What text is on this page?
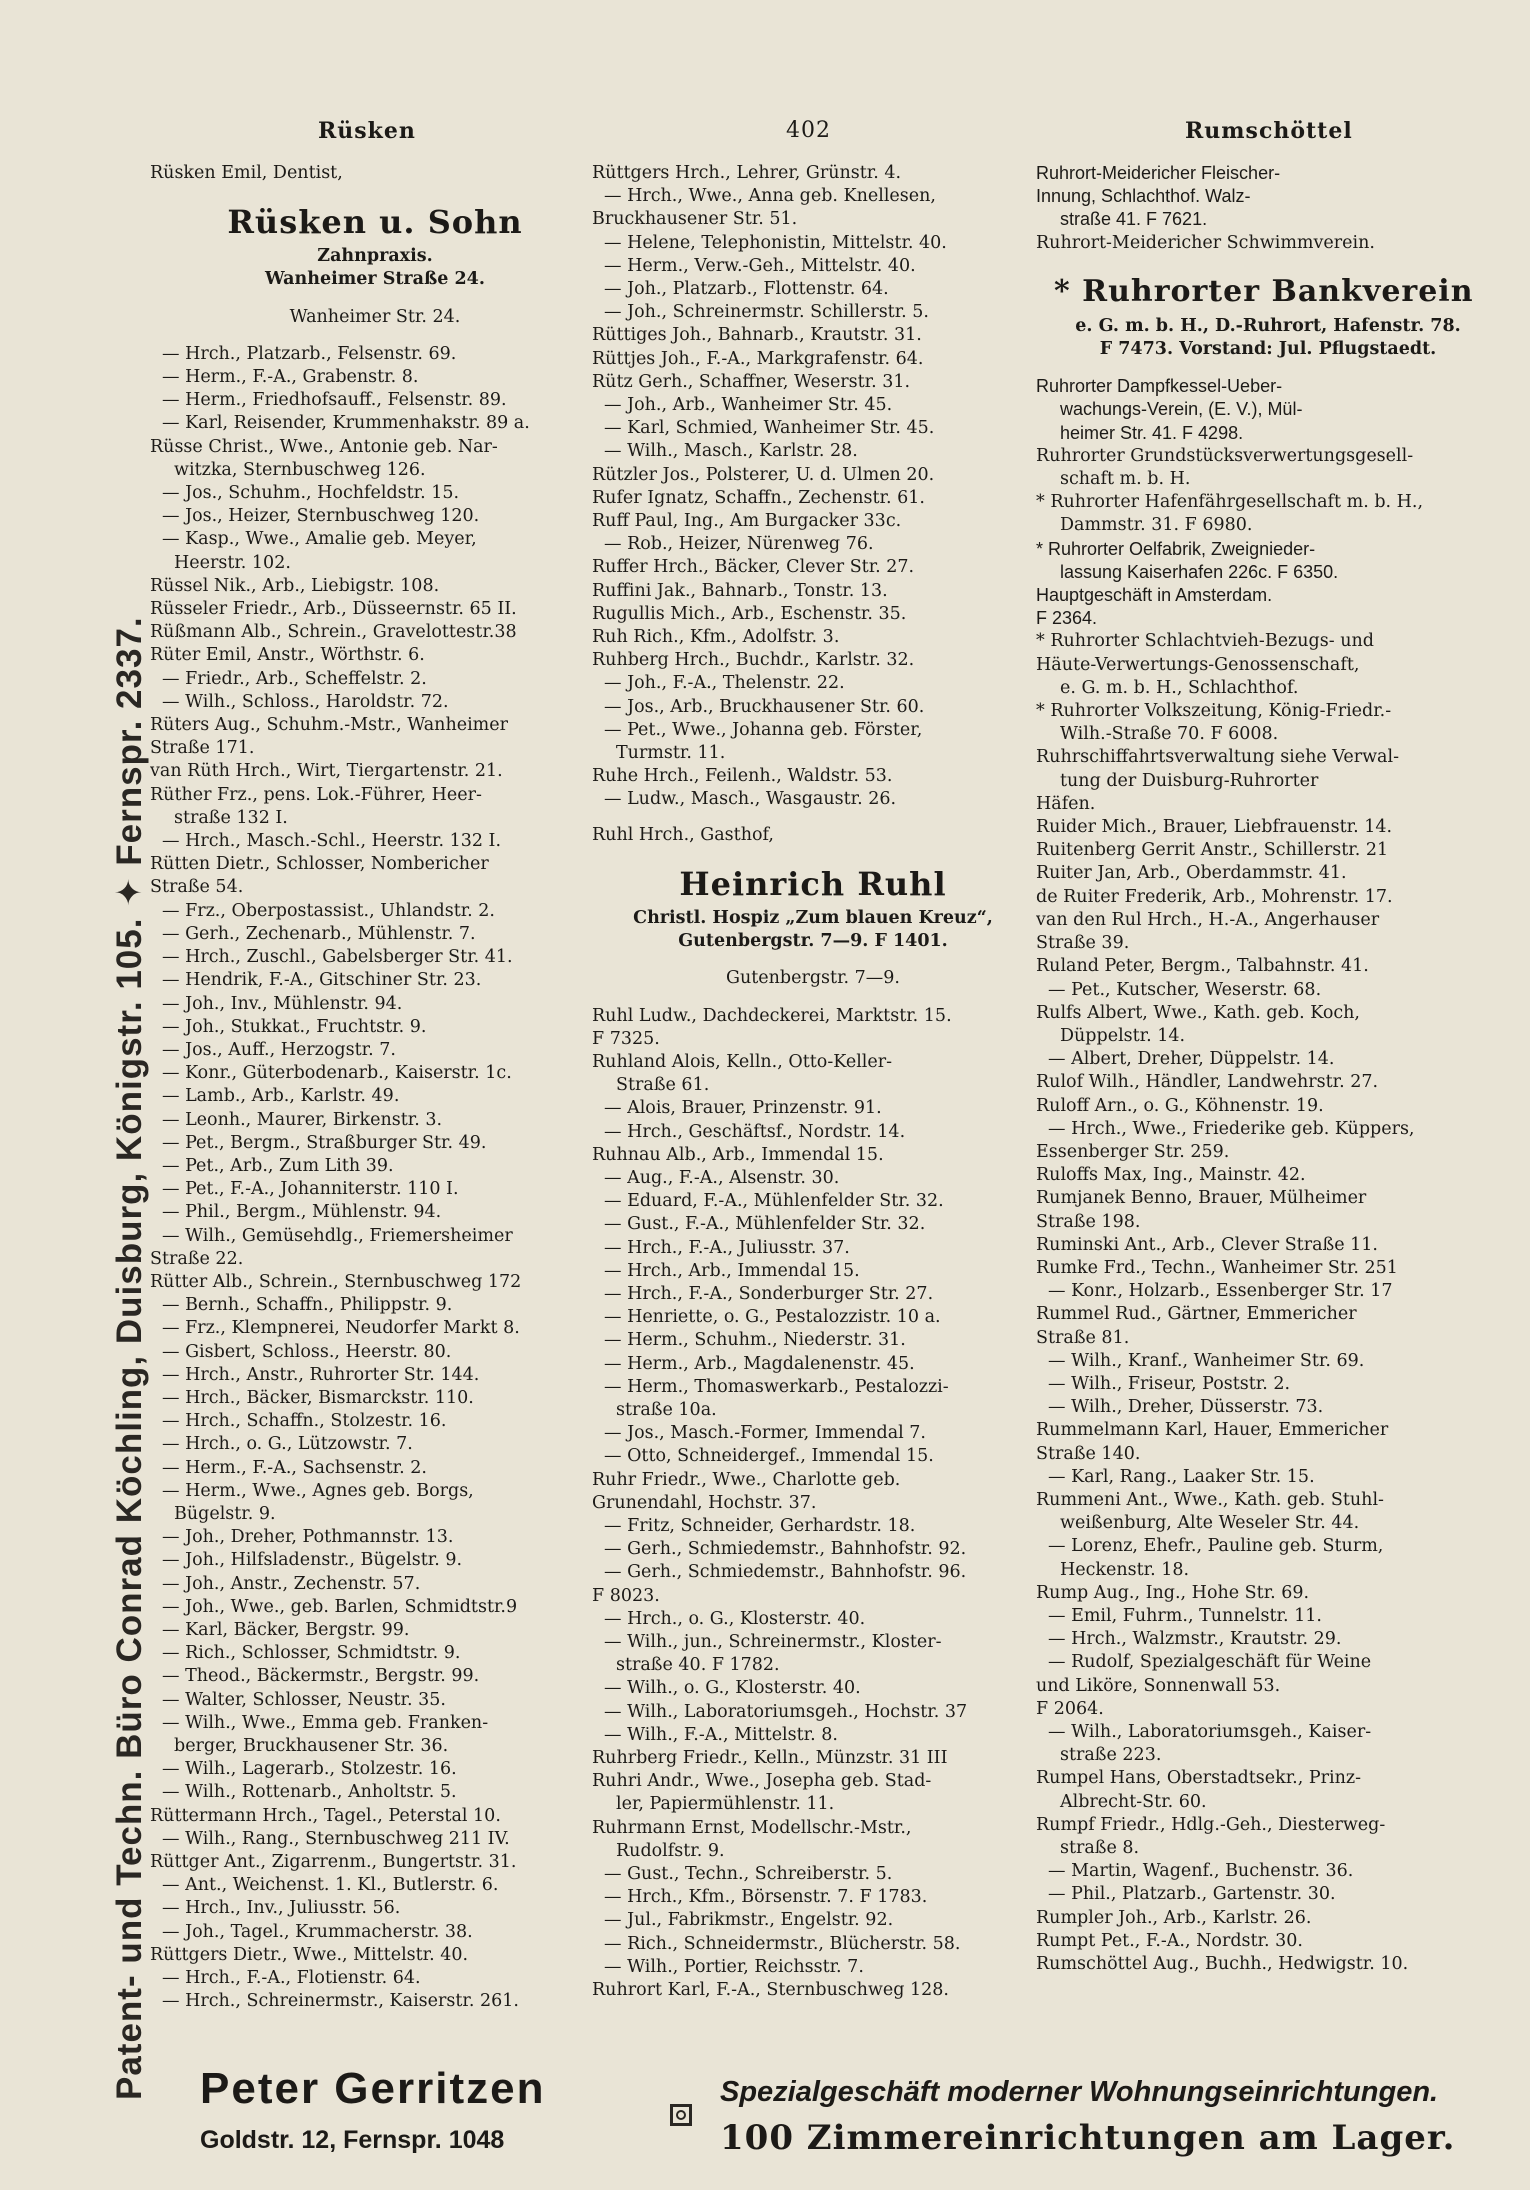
Rüsken	402	Rumschöttel
Patent- und Techn. Büro Conrad Köchling, Duisburg, Königstr. 105. ✦ Fernspr. 2337.
Rüsken Emil, Dentist,
Rüsken u. Sohn
Zahnpraxis.
Wanheimer Straße 24.
Wanheimer Str. 24.
— Hrch., Platzarb., Felsenstr. 69.
— Herm., F.-A., Grabenstr. 8.
— Herm., Friedhofsauff., Felsenstr. 89.
— Karl, Reisender, Krummenhakstr. 89 a.
Rüsse Christ., Wwe., Antonie geb. Nar-
witzka, Sternbuschweg 126.
— Jos., Schuhm., Hochfeldstr. 15.
— Jos., Heizer, Sternbuschweg 120.
— Kasp., Wwe., Amalie geb. Meyer,
Heerstr. 102.
Rüssel Nik., Arb., Liebigstr. 108.
Rüsseler Friedr., Arb., Düsseernstr. 65 II.
Rüßmann Alb., Schrein., Gravelottestr.38
Rüter Emil, Anstr., Wörthstr. 6.
— Friedr., Arb., Scheffelstr. 2.
— Wilh., Schloss., Haroldstr. 72.
Rüters Aug., Schuhm.-Mstr., Wanheimer
Straße 171.
van Rüth Hrch., Wirt, Tiergartenstr. 21.
Rüther Frz., pens. Lok.-Führer, Heer-
straße 132 I.
— Hrch., Masch.-Schl., Heerstr. 132 I.
Rütten Dietr., Schlosser, Nombericher
Straße 54.
— Frz., Oberpostassist., Uhlandstr. 2.
— Gerh., Zechenarb., Mühlenstr. 7.
— Hrch., Zuschl., Gabelsberger Str. 41.
— Hendrik, F.-A., Gitschiner Str. 23.
— Joh., Inv., Mühlenstr. 94.
— Joh., Stukkat., Fruchtstr. 9.
— Jos., Auff., Herzogstr. 7.
— Konr., Güterbodenarb., Kaiserstr. 1c.
— Lamb., Arb., Karlstr. 49.
— Leonh., Maurer, Birkenstr. 3.
— Pet., Bergm., Straßburger Str. 49.
— Pet., Arb., Zum Lith 39.
— Pet., F.-A., Johanniterstr. 110 I.
— Phil., Bergm., Mühlenstr. 94.
— Wilh., Gemüsehdlg., Friemersheimer
Straße 22.
Rütter Alb., Schrein., Sternbuschweg 172
— Bernh., Schaffn., Philippstr. 9.
— Frz., Klempnerei, Neudorfer Markt 8.
— Gisbert, Schloss., Heerstr. 80.
— Hrch., Anstr., Ruhrorter Str. 144.
— Hrch., Bäcker, Bismarckstr. 110.
— Hrch., Schaffn., Stolzestr. 16.
— Hrch., o. G., Lützowstr. 7.
— Herm., F.-A., Sachsenstr. 2.
— Herm., Wwe., Agnes geb. Borgs,
Bügelstr. 9.
— Joh., Dreher, Pothmannstr. 13.
— Joh., Hilfsladenstr., Bügelstr. 9.
— Joh., Anstr., Zechenstr. 57.
— Joh., Wwe., geb. Barlen, Schmidtstr.9
— Karl, Bäcker, Bergstr. 99.
— Rich., Schlosser, Schmidtstr. 9.
— Theod., Bäckermstr., Bergstr. 99.
— Walter, Schlosser, Neustr. 35.
— Wilh., Wwe., Emma geb. Franken-
berger, Bruckhausener Str. 36.
— Wilh., Lagerarb., Stolzestr. 16.
— Wilh., Rottenarb., Anholtstr. 5.
Rüttermann Hrch., Tagel., Peterstal 10.
— Wilh., Rang., Sternbuschweg 211 IV.
Rüttger Ant., Zigarrenm., Bungertstr. 31.
— Ant., Weichenst. 1. Kl., Butlerstr. 6.
— Hrch., Inv., Juliusstr. 56.
— Joh., Tagel., Krummacherstr. 38.
Rüttgers Dietr., Wwe., Mittelstr. 40.
— Hrch., F.-A., Flotienstr. 64.
— Hrch., Schreinermstr., Kaiserstr. 261.
Rüttgers Hrch., Lehrer, Grünstr. 4.
— Hrch., Wwe., Anna geb. Knellesen,
Bruckhausener Str. 51.
— Helene, Telephonistin, Mittelstr. 40.
— Herm., Verw.-Geh., Mittelstr. 40.
— Joh., Platzarb., Flottenstr. 64.
— Joh., Schreinermstr. Schillerstr. 5.
Rüttiges Joh., Bahnarb., Krautstr. 31.
Rüttjes Joh., F.-A., Markgrafenstr. 64.
Rütz Gerh., Schaffner, Weserstr. 31.
— Joh., Arb., Wanheimer Str. 45.
— Karl, Schmied, Wanheimer Str. 45.
— Wilh., Masch., Karlstr. 28.
Rützler Jos., Polsterer, U. d. Ulmen 20.
Rufer Ignatz, Schaffn., Zechenstr. 61.
Ruff Paul, Ing., Am Burgacker 33c.
— Rob., Heizer, Nürenweg 76.
Ruffer Hrch., Bäcker, Clever Str. 27.
Ruffini Jak., Bahnarb., Tonstr. 13.
Rugullis Mich., Arb., Eschenstr. 35.
Ruh Rich., Kfm., Adolfstr. 3.
Ruhberg Hrch., Buchdr., Karlstr. 32.
— Joh., F.-A., Thelenstr. 22.
— Jos., Arb., Bruckhausener Str. 60.
— Pet., Wwe., Johanna geb. Förster,
Turmstr. 11.
Ruhe Hrch., Feilenh., Waldstr. 53.
— Ludw., Masch., Wasgaustr. 26.
Ruhl Hrch., Gasthof,
Heinrich Ruhl
Christl. Hospiz „Zum blauen Kreuz“,
Gutenbergstr. 7—9. F 1401.
Gutenbergstr. 7—9.
Ruhl Ludw., Dachdeckerei, Marktstr. 15.
F 7325.
Ruhland Alois, Kelln., Otto-Keller-
Straße 61.
— Alois, Brauer, Prinzenstr. 91.
— Hrch., Geschäftsf., Nordstr. 14.
Ruhnau Alb., Arb., Immendal 15.
— Aug., F.-A., Alsenstr. 30.
— Eduard, F.-A., Mühlenfelder Str. 32.
— Gust., F.-A., Mühlenfelder Str. 32.
— Hrch., F.-A., Juliusstr. 37.
— Hrch., Arb., Immendal 15.
— Hrch., F.-A., Sonderburger Str. 27.
— Henriette, o. G., Pestalozzistr. 10 a.
— Herm., Schuhm., Niederstr. 31.
— Herm., Arb., Magdalenenstr. 45.
— Herm., Thomaswerkarb., Pestalozzi-
straße 10a.
— Jos., Masch.-Former, Immendal 7.
— Otto, Schneidergef., Immendal 15.
Ruhr Friedr., Wwe., Charlotte geb.
Grunendahl, Hochstr. 37.
— Fritz, Schneider, Gerhardstr. 18.
— Gerh., Schmiedemstr., Bahnhofstr. 92.
— Gerh., Schmiedemstr., Bahnhofstr. 96.
F 8023.
— Hrch., o. G., Klosterstr. 40.
— Wilh., jun., Schreinermstr., Kloster-
straße 40. F 1782.
— Wilh., o. G., Klosterstr. 40.
— Wilh., Laboratoriumsgeh., Hochstr. 37
— Wilh., F.-A., Mittelstr. 8.
Ruhrberg Friedr., Kelln., Münzstr. 31 III
Ruhri Andr., Wwe., Josepha geb. Stad-
ler, Papiermühlenstr. 11.
Ruhrmann Ernst, Modellschr.-Mstr.,
Rudolfstr. 9.
— Gust., Techn., Schreiberstr. 5.
— Hrch., Kfm., Börsenstr. 7. F 1783.
— Jul., Fabrikmstr., Engelstr. 92.
— Rich., Schneidermstr., Blücherstr. 58.
— Wilh., Portier, Reichsstr. 7.
Ruhrort Karl, F.-A., Sternbuschweg 128.
Ruhrort-Meidericher Fleischer-
Innung, Schlachthof. Walz-
straße 41. F 7621.
Ruhrort-Meidericher Schwimmverein.
* Ruhrorter Bankverein
e. G. m. b. H., D.-Ruhrort, Hafenstr. 78.
F 7473. Vorstand: Jul. Pflugstaedt.
Ruhrorter Dampfkessel-Ueber-
wachungs-Verein, (E. V.), Mül-
heimer Str. 41. F 4298.
Ruhrorter Grundstücksverwertungsgesell-
schaft m. b. H.
* Ruhrorter Hafenfährgesellschaft m. b. H.,
Dammstr. 31. F 6980.
* Ruhrorter Oelfabrik, Zweignieder-
lassung Kaiserhafen 226c. F 6350.
Hauptgeschäft in Amsterdam.
F 2364.
* Ruhrorter Schlachtvieh-Bezugs- und
Häute-Verwertungs-Genossenschaft,
e. G. m. b. H., Schlachthof.
* Ruhrorter Volkszeitung, König-Friedr.-
Wilh.-Straße 70. F 6008.
Ruhrschiffahrtsverwaltung siehe Verwal-
tung der Duisburg-Ruhrorter
Häfen.
Ruider Mich., Brauer, Liebfrauenstr. 14.
Ruitenberg Gerrit Anstr., Schillerstr. 21
Ruiter Jan, Arb., Oberdammstr. 41.
de Ruiter Frederik, Arb., Mohrenstr. 17.
van den Rul Hrch., H.-A., Angerhauser
Straße 39.
Ruland Peter, Bergm., Talbahnstr. 41.
— Pet., Kutscher, Weserstr. 68.
Rulfs Albert, Wwe., Kath. geb. Koch,
Düppelstr. 14.
— Albert, Dreher, Düppelstr. 14.
Rulof Wilh., Händler, Landwehrstr. 27.
Ruloff Arn., o. G., Köhnenstr. 19.
— Hrch., Wwe., Friederike geb. Küppers,
Essenberger Str. 259.
Ruloffs Max, Ing., Mainstr. 42.
Rumjanek Benno, Brauer, Mülheimer
Straße 198.
Ruminski Ant., Arb., Clever Straße 11.
Rumke Frd., Techn., Wanheimer Str. 251
— Konr., Holzarb., Essenberger Str. 17
Rummel Rud., Gärtner, Emmericher
Straße 81.
— Wilh., Kranf., Wanheimer Str. 69.
— Wilh., Friseur, Poststr. 2.
— Wilh., Dreher, Düsserstr. 73.
Rummelmann Karl, Hauer, Emmericher
Straße 140.
— Karl, Rang., Laaker Str. 15.
Rummeni Ant., Wwe., Kath. geb. Stuhl-
weißenburg, Alte Weseler Str. 44.
— Lorenz, Ehefr., Pauline geb. Sturm,
Heckenstr. 18.
Rump Aug., Ing., Hohe Str. 69.
— Emil, Fuhrm., Tunnelstr. 11.
— Hrch., Walzmstr., Krautstr. 29.
— Rudolf, Spezialgeschäft für Weine
und Liköre, Sonnenwall 53.
F 2064.
— Wilh., Laboratoriumsgeh., Kaiser-
straße 223.
Rumpel Hans, Oberstadtsekr., Prinz-
Albrecht-Str. 60.
Rumpf Friedr., Hdlg.-Geh., Diesterweg-
straße 8.
— Martin, Wagenf., Buchenstr. 36.
— Phil., Platzarb., Gartenstr. 30.
Rumpler Joh., Arb., Karlstr. 26.
Rumpt Pet., F.-A., Nordstr. 30.
Rumschöttel Aug., Buchh., Hedwigstr. 10.
Peter Gerritzen
Goldstr. 12, Fernspr. 1048
Spezialgeschäft moderner Wohnungseinrichtungen.
100 Zimmereinrichtungen am Lager.
